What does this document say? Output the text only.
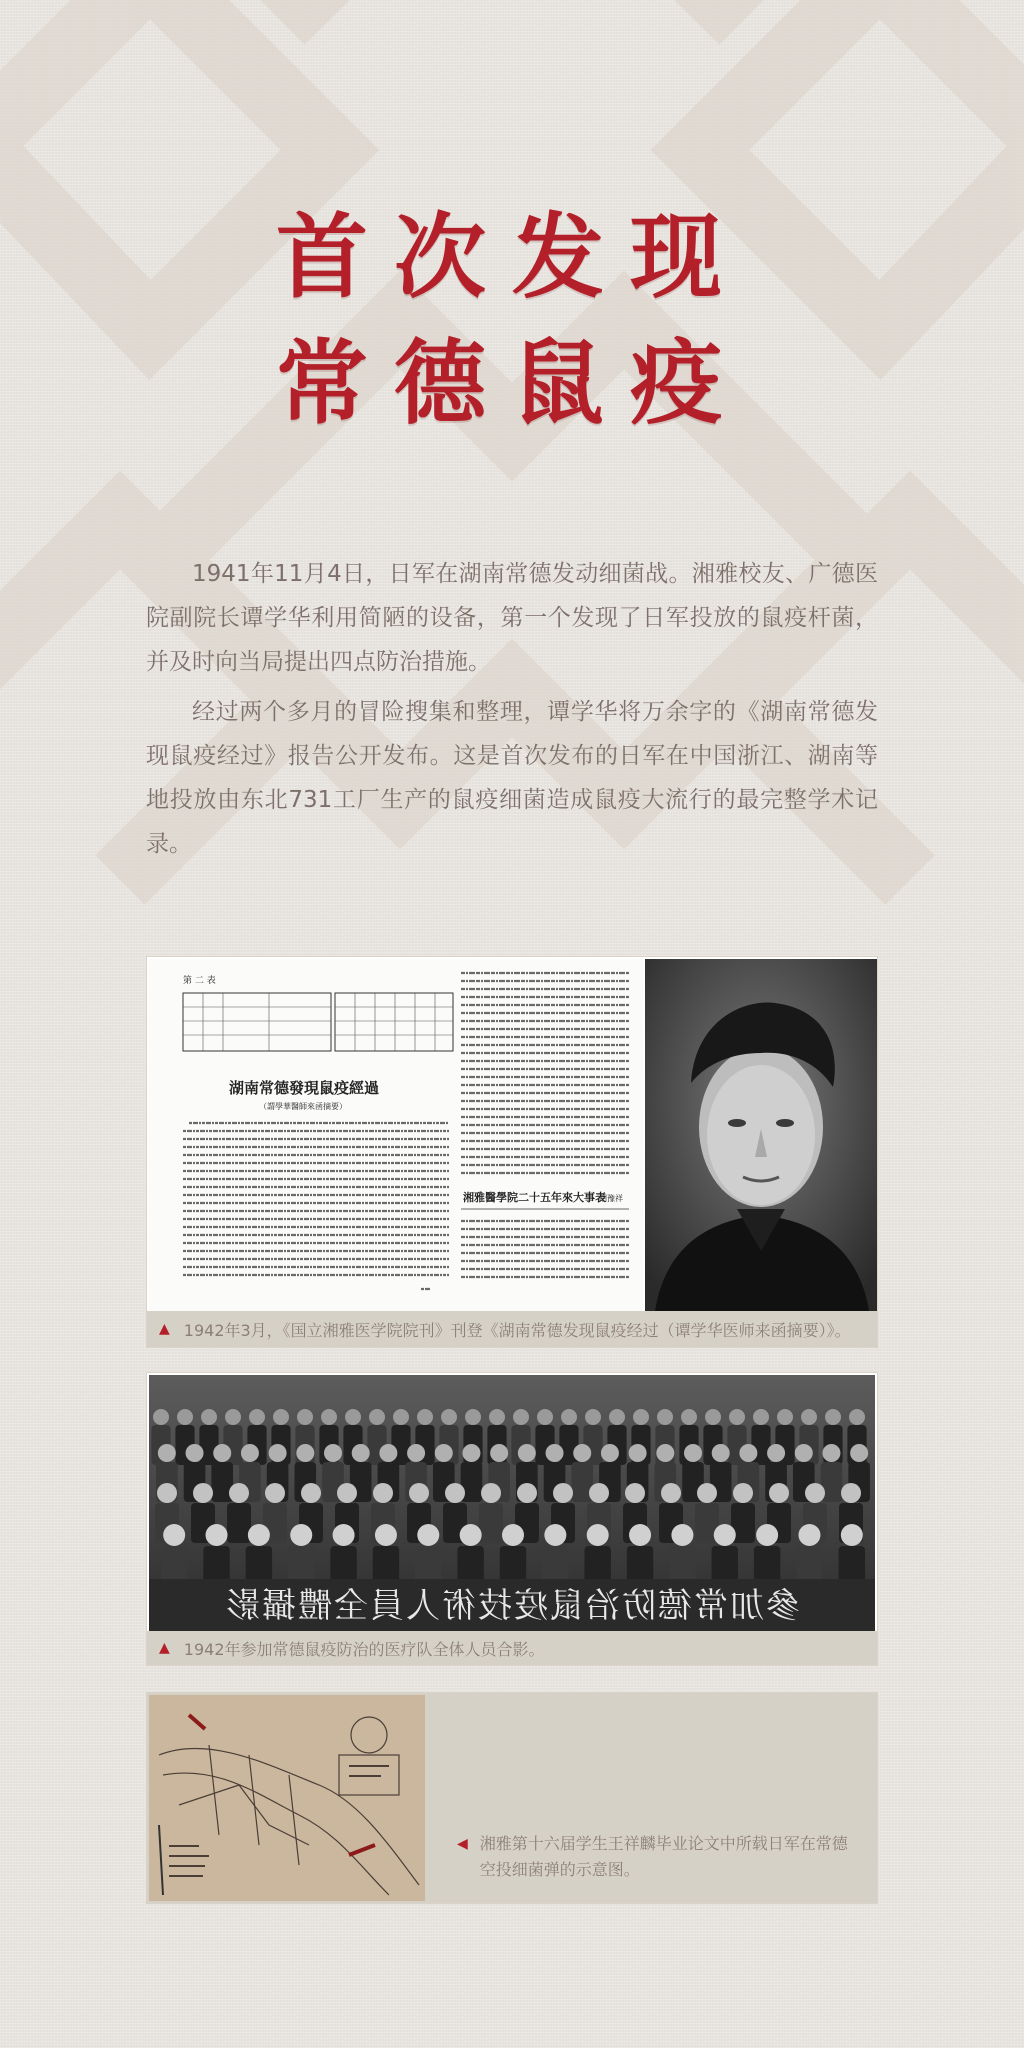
首次发现
常德鼠疫

1941年11月4日，日军在湖南常德发动细菌战。湘雅校友、广德医院副院长谭学华利用简陋的设备，第一个发现了日军投放的鼠疫杆菌，并及时向当局提出四点防治措施。

经过两个多月的冒险搜集和整理，谭学华将万余字的《湖南常德发现鼠疫经过》报告公开发布。这是首次发布的日军在中国浙江、湖南等地投放由东北731工厂生产的鼠疫细菌造成鼠疫大流行的最完整学术记录。

第 二 表
湖南常德發現鼠疫經過
（謂學華醫師來函摘要）
湘雅醫學院二十五年來大事表
胡豫祥
▲ 1942年3月，《国立湘雅医学院院刊》刊登《湖南常德发现鼠疫经过（谭学华医师来函摘要）》。
參加常德防治鼠疫技術人員全體攝影
▲ 1942年参加常德鼠疫防治的医疗队全体人员合影。
◀ 湘雅第十六届学生王祥麟毕业论文中所载日军在常德空投细菌弹的示意图。
